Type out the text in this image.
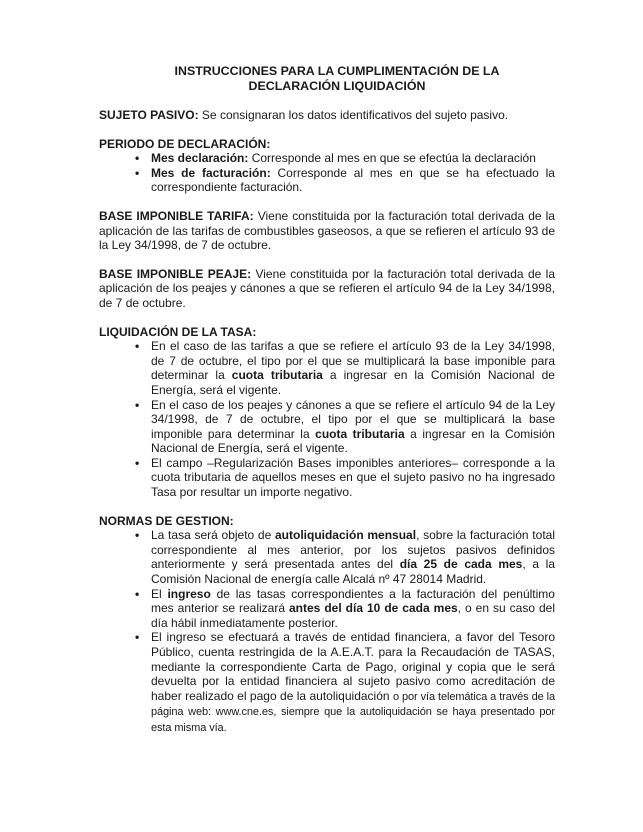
INSTRUCCIONES PARA LA CUMPLIMENTACIÓN DE LA
DECLARACIÓN LIQUIDACIÓN

SUJETO PASIVO: Se consignaran los datos identificativos del sujeto pasivo.

PERIODO DE DECLARACIÓN:
• Mes declaración: Corresponde al mes en que se efectúa la declaración
• Mes de facturación: Corresponde al mes en que se ha efectuado la correspondiente facturación.

BASE IMPONIBLE TARIFA: Viene constituida por la facturación total derivada de la aplicación de las tarifas de combustibles gaseosos, a que se refieren el artículo 93 de la Ley 34/1998, de 7 de octubre.

BASE IMPONIBLE PEAJE: Viene constituida por la facturación total derivada de la aplicación de los peajes y cánones a que se refieren el artículo 94 de la Ley 34/1998, de 7 de octubre.

LIQUIDACIÓN DE LA TASA:
• En el caso de las tarifas a que se refiere el artículo 93 de la Ley 34/1998, de 7 de octubre, el tipo por el que se multiplicará la base imponible para determinar la cuota tributaria a ingresar en la Comisión Nacional de Energía, será el vigente.
• En el caso de los peajes y cánones a que se refiere el artículo 94 de la Ley 34/1998, de 7 de octubre, el tipo por el que se multiplicará la base imponible para determinar la cuota tributaria a ingresar en la Comisión Nacional de Energía, será el vigente.
• El campo –Regularización Bases imponibles anteriores– corresponde a la cuota tributaria de aquellos meses en que el sujeto pasivo no ha ingresado Tasa por resultar un importe negativo.
NORMAS DE GESTION:
• La tasa será objeto de autoliquidación mensual, sobre la facturación total correspondiente al mes anterior, por los sujetos pasivos definidos anteriormente y será presentada antes del día 25 de cada mes, a la Comisión Nacional de energía calle Alcalá nº 47 28014 Madrid.
• El ingreso de las tasas correspondientes a la facturación del penúltimo mes anterior se realizará antes del día 10 de cada mes, o en su caso del día hábil inmediatamente posterior.
• El ingreso se efectuará a través de entidad financiera, a favor del Tesoro Público, cuenta restringida de la A.E.A.T. para la Recaudación de TASAS, mediante la correspondiente Carta de Pago, original y copia que le será devuelta por la entidad financiera al sujeto pasivo como acreditación de haber realizado el pago de la autoliquidación o por vía telemática a través de la página web: www.cne.es, siempre que la autoliquidación se haya presentado por esta misma vía.
